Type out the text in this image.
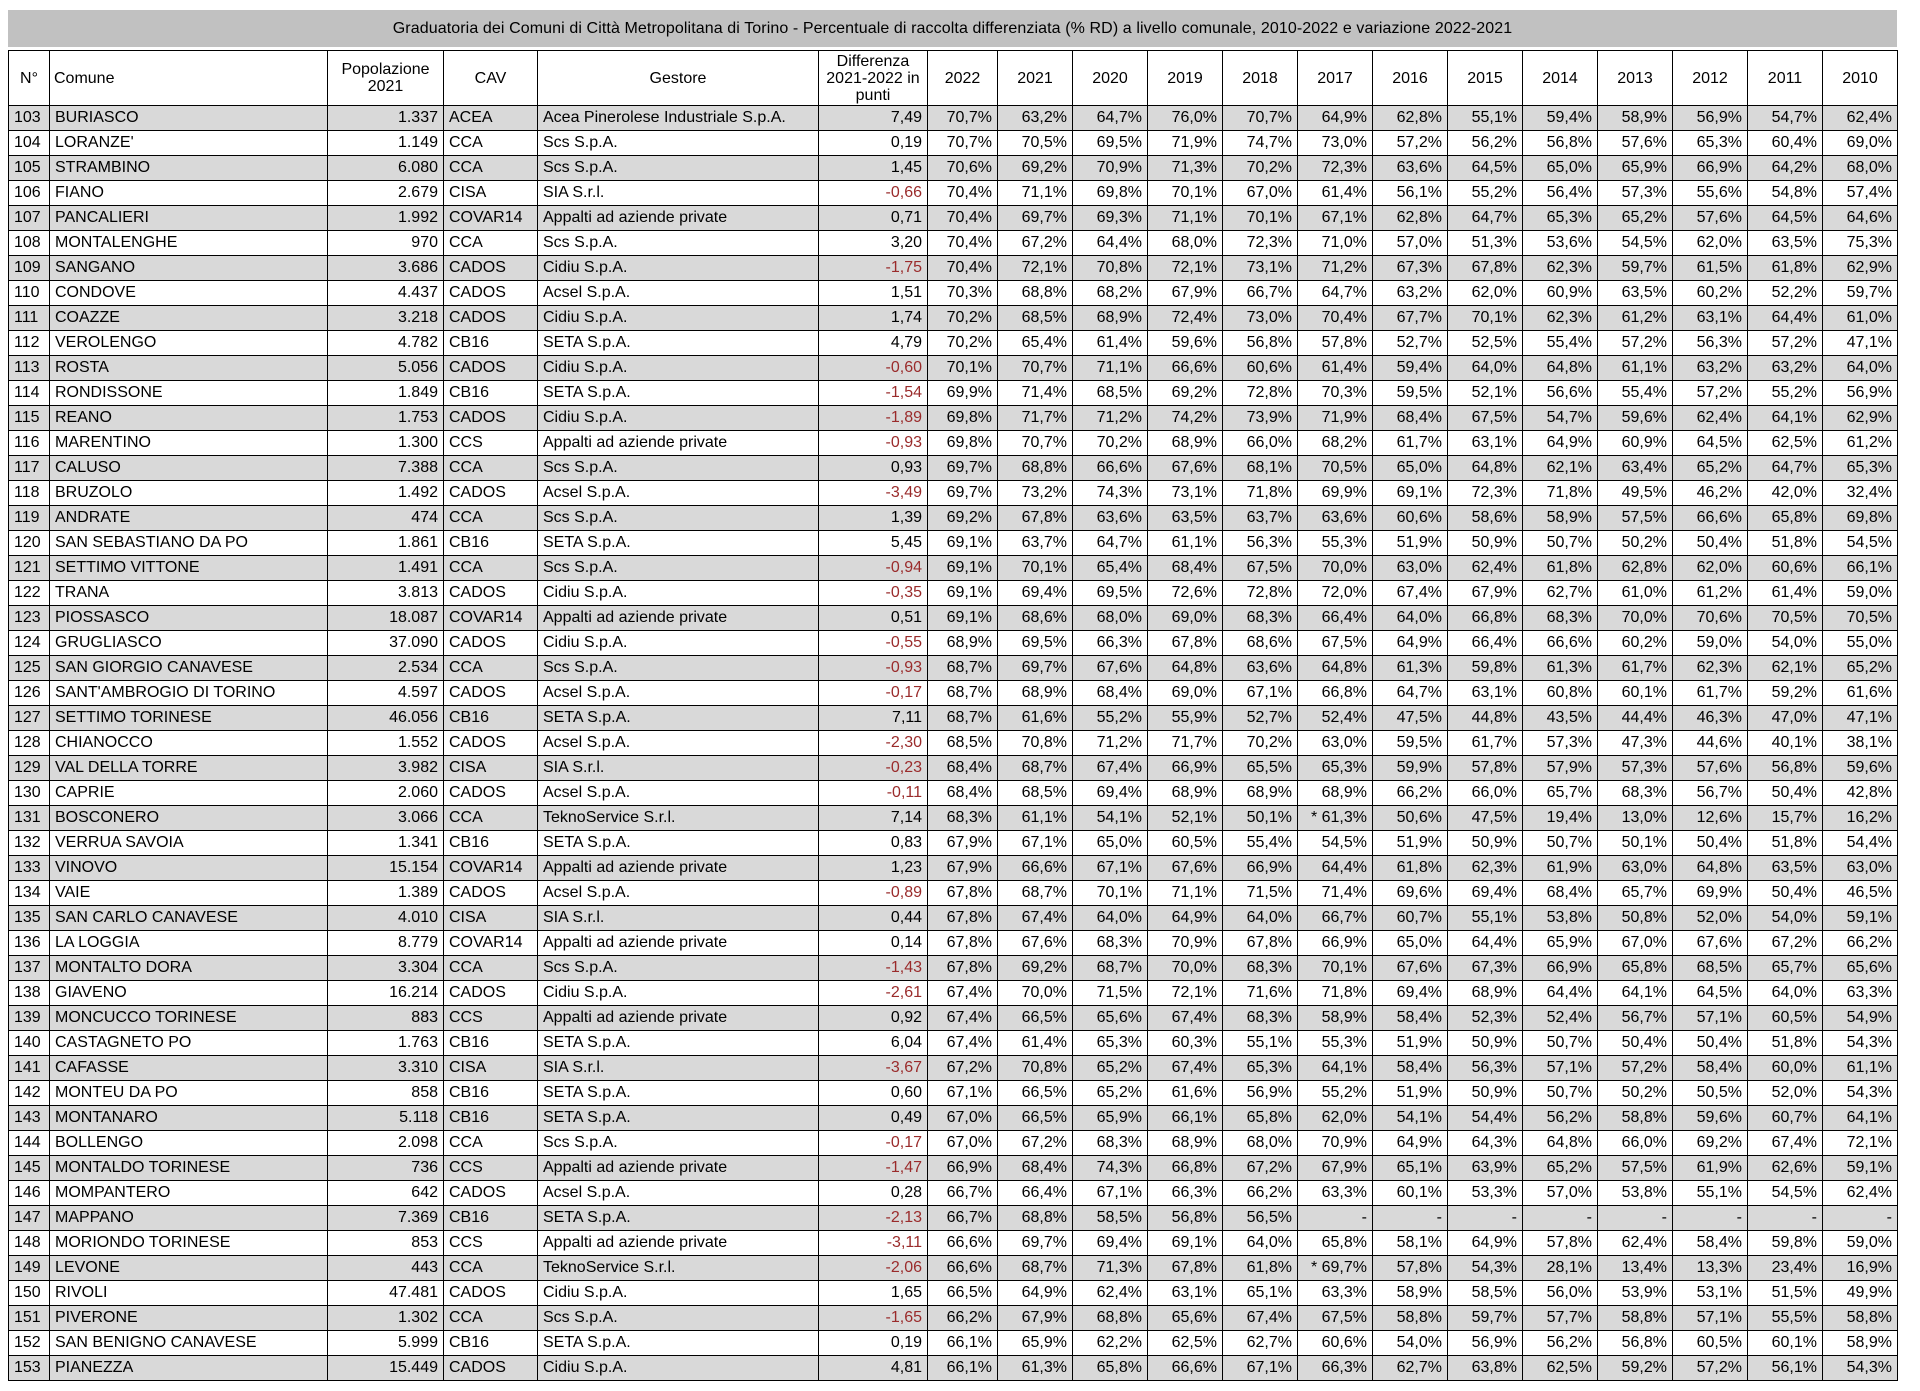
Graduatoria dei Comuni di Città Metropolitana di Torino - Percentuale di raccolta differenziata (% RD) a livello comunale, 2010-2022 e variazione 2022-2021
N°	Comune	Popolazione 2021	CAV	Gestore	Differenza 2021-2022 in punti	2022	2021	2020	2019	2018	2017	2016	2015	2014	2013	2012	2011	2010
103	BURIASCO	1.337	ACEA	Acea Pinerolese Industriale S.p.A.	7,49	70,7%	63,2%	64,7%	76,0%	70,7%	64,9%	62,8%	55,1%	59,4%	58,9%	56,9%	54,7%	62,4%
104	LORANZE'	1.149	CCA	Scs S.p.A.	0,19	70,7%	70,5%	69,5%	71,9%	74,7%	73,0%	57,2%	56,2%	56,8%	57,6%	65,3%	60,4%	69,0%
105	STRAMBINO	6.080	CCA	Scs S.p.A.	1,45	70,6%	69,2%	70,9%	71,3%	70,2%	72,3%	63,6%	64,5%	65,0%	65,9%	66,9%	64,2%	68,0%
106	FIANO	2.679	CISA	SIA S.r.l.	-0,66	70,4%	71,1%	69,8%	70,1%	67,0%	61,4%	56,1%	55,2%	56,4%	57,3%	55,6%	54,8%	57,4%
107	PANCALIERI	1.992	COVAR14	Appalti ad aziende private	0,71	70,4%	69,7%	69,3%	71,1%	70,1%	67,1%	62,8%	64,7%	65,3%	65,2%	57,6%	64,5%	64,6%
108	MONTALENGHE	970	CCA	Scs S.p.A.	3,20	70,4%	67,2%	64,4%	68,0%	72,3%	71,0%	57,0%	51,3%	53,6%	54,5%	62,0%	63,5%	75,3%
109	SANGANO	3.686	CADOS	Cidiu S.p.A.	-1,75	70,4%	72,1%	70,8%	72,1%	73,1%	71,2%	67,3%	67,8%	62,3%	59,7%	61,5%	61,8%	62,9%
110	CONDOVE	4.437	CADOS	Acsel S.p.A.	1,51	70,3%	68,8%	68,2%	67,9%	66,7%	64,7%	63,2%	62,0%	60,9%	63,5%	60,2%	52,2%	59,7%
111	COAZZE	3.218	CADOS	Cidiu S.p.A.	1,74	70,2%	68,5%	68,9%	72,4%	73,0%	70,4%	67,7%	70,1%	62,3%	61,2%	63,1%	64,4%	61,0%
112	VEROLENGO	4.782	CB16	SETA S.p.A.	4,79	70,2%	65,4%	61,4%	59,6%	56,8%	57,8%	52,7%	52,5%	55,4%	57,2%	56,3%	57,2%	47,1%
113	ROSTA	5.056	CADOS	Cidiu S.p.A.	-0,60	70,1%	70,7%	71,1%	66,6%	60,6%	61,4%	59,4%	64,0%	64,8%	61,1%	63,2%	63,2%	64,0%
114	RONDISSONE	1.849	CB16	SETA S.p.A.	-1,54	69,9%	71,4%	68,5%	69,2%	72,8%	70,3%	59,5%	52,1%	56,6%	55,4%	57,2%	55,2%	56,9%
115	REANO	1.753	CADOS	Cidiu S.p.A.	-1,89	69,8%	71,7%	71,2%	74,2%	73,9%	71,9%	68,4%	67,5%	54,7%	59,6%	62,4%	64,1%	62,9%
116	MARENTINO	1.300	CCS	Appalti ad aziende private	-0,93	69,8%	70,7%	70,2%	68,9%	66,0%	68,2%	61,7%	63,1%	64,9%	60,9%	64,5%	62,5%	61,2%
117	CALUSO	7.388	CCA	Scs S.p.A.	0,93	69,7%	68,8%	66,6%	67,6%	68,1%	70,5%	65,0%	64,8%	62,1%	63,4%	65,2%	64,7%	65,3%
118	BRUZOLO	1.492	CADOS	Acsel S.p.A.	-3,49	69,7%	73,2%	74,3%	73,1%	71,8%	69,9%	69,1%	72,3%	71,8%	49,5%	46,2%	42,0%	32,4%
119	ANDRATE	474	CCA	Scs S.p.A.	1,39	69,2%	67,8%	63,6%	63,5%	63,7%	63,6%	60,6%	58,6%	58,9%	57,5%	66,6%	65,8%	69,8%
120	SAN SEBASTIANO DA PO	1.861	CB16	SETA S.p.A.	5,45	69,1%	63,7%	64,7%	61,1%	56,3%	55,3%	51,9%	50,9%	50,7%	50,2%	50,4%	51,8%	54,5%
121	SETTIMO VITTONE	1.491	CCA	Scs S.p.A.	-0,94	69,1%	70,1%	65,4%	68,4%	67,5%	70,0%	63,0%	62,4%	61,8%	62,8%	62,0%	60,6%	66,1%
122	TRANA	3.813	CADOS	Cidiu S.p.A.	-0,35	69,1%	69,4%	69,5%	72,6%	72,8%	72,0%	67,4%	67,9%	62,7%	61,0%	61,2%	61,4%	59,0%
123	PIOSSASCO	18.087	COVAR14	Appalti ad aziende private	0,51	69,1%	68,6%	68,0%	69,0%	68,3%	66,4%	64,0%	66,8%	68,3%	70,0%	70,6%	70,5%	70,5%
124	GRUGLIASCO	37.090	CADOS	Cidiu S.p.A.	-0,55	68,9%	69,5%	66,3%	67,8%	68,6%	67,5%	64,9%	66,4%	66,6%	60,2%	59,0%	54,0%	55,0%
125	SAN GIORGIO CANAVESE	2.534	CCA	Scs S.p.A.	-0,93	68,7%	69,7%	67,6%	64,8%	63,6%	64,8%	61,3%	59,8%	61,3%	61,7%	62,3%	62,1%	65,2%
126	SANT'AMBROGIO DI TORINO	4.597	CADOS	Acsel S.p.A.	-0,17	68,7%	68,9%	68,4%	69,0%	67,1%	66,8%	64,7%	63,1%	60,8%	60,1%	61,7%	59,2%	61,6%
127	SETTIMO TORINESE	46.056	CB16	SETA S.p.A.	7,11	68,7%	61,6%	55,2%	55,9%	52,7%	52,4%	47,5%	44,8%	43,5%	44,4%	46,3%	47,0%	47,1%
128	CHIANOCCO	1.552	CADOS	Acsel S.p.A.	-2,30	68,5%	70,8%	71,2%	71,7%	70,2%	63,0%	59,5%	61,7%	57,3%	47,3%	44,6%	40,1%	38,1%
129	VAL DELLA TORRE	3.982	CISA	SIA S.r.l.	-0,23	68,4%	68,7%	67,4%	66,9%	65,5%	65,3%	59,9%	57,8%	57,9%	57,3%	57,6%	56,8%	59,6%
130	CAPRIE	2.060	CADOS	Acsel S.p.A.	-0,11	68,4%	68,5%	69,4%	68,9%	68,9%	68,9%	66,2%	66,0%	65,7%	68,3%	56,7%	50,4%	42,8%
131	BOSCONERO	3.066	CCA	TeknoService S.r.l.	7,14	68,3%	61,1%	54,1%	52,1%	50,1%	* 61,3%	50,6%	47,5%	19,4%	13,0%	12,6%	15,7%	16,2%
132	VERRUA SAVOIA	1.341	CB16	SETA S.p.A.	0,83	67,9%	67,1%	65,0%	60,5%	55,4%	54,5%	51,9%	50,9%	50,7%	50,1%	50,4%	51,8%	54,4%
133	VINOVO	15.154	COVAR14	Appalti ad aziende private	1,23	67,9%	66,6%	67,1%	67,6%	66,9%	64,4%	61,8%	62,3%	61,9%	63,0%	64,8%	63,5%	63,0%
134	VAIE	1.389	CADOS	Acsel S.p.A.	-0,89	67,8%	68,7%	70,1%	71,1%	71,5%	71,4%	69,6%	69,4%	68,4%	65,7%	69,9%	50,4%	46,5%
135	SAN CARLO CANAVESE	4.010	CISA	SIA S.r.l.	0,44	67,8%	67,4%	64,0%	64,9%	64,0%	66,7%	60,7%	55,1%	53,8%	50,8%	52,0%	54,0%	59,1%
136	LA LOGGIA	8.779	COVAR14	Appalti ad aziende private	0,14	67,8%	67,6%	68,3%	70,9%	67,8%	66,9%	65,0%	64,4%	65,9%	67,0%	67,6%	67,2%	66,2%
137	MONTALTO DORA	3.304	CCA	Scs S.p.A.	-1,43	67,8%	69,2%	68,7%	70,0%	68,3%	70,1%	67,6%	67,3%	66,9%	65,8%	68,5%	65,7%	65,6%
138	GIAVENO	16.214	CADOS	Cidiu S.p.A.	-2,61	67,4%	70,0%	71,5%	72,1%	71,6%	71,8%	69,4%	68,9%	64,4%	64,1%	64,5%	64,0%	63,3%
139	MONCUCCO TORINESE	883	CCS	Appalti ad aziende private	0,92	67,4%	66,5%	65,6%	67,4%	68,3%	58,9%	58,4%	52,3%	52,4%	56,7%	57,1%	60,5%	54,9%
140	CASTAGNETO PO	1.763	CB16	SETA S.p.A.	6,04	67,4%	61,4%	65,3%	60,3%	55,1%	55,3%	51,9%	50,9%	50,7%	50,4%	50,4%	51,8%	54,3%
141	CAFASSE	3.310	CISA	SIA S.r.l.	-3,67	67,2%	70,8%	65,2%	67,4%	65,3%	64,1%	58,4%	56,3%	57,1%	57,2%	58,4%	60,0%	61,1%
142	MONTEU DA PO	858	CB16	SETA S.p.A.	0,60	67,1%	66,5%	65,2%	61,6%	56,9%	55,2%	51,9%	50,9%	50,7%	50,2%	50,5%	52,0%	54,3%
143	MONTANARO	5.118	CB16	SETA S.p.A.	0,49	67,0%	66,5%	65,9%	66,1%	65,8%	62,0%	54,1%	54,4%	56,2%	58,8%	59,6%	60,7%	64,1%
144	BOLLENGO	2.098	CCA	Scs S.p.A.	-0,17	67,0%	67,2%	68,3%	68,9%	68,0%	70,9%	64,9%	64,3%	64,8%	66,0%	69,2%	67,4%	72,1%
145	MONTALDO TORINESE	736	CCS	Appalti ad aziende private	-1,47	66,9%	68,4%	74,3%	66,8%	67,2%	67,9%	65,1%	63,9%	65,2%	57,5%	61,9%	62,6%	59,1%
146	MOMPANTERO	642	CADOS	Acsel S.p.A.	0,28	66,7%	66,4%	67,1%	66,3%	66,2%	63,3%	60,1%	53,3%	57,0%	53,8%	55,1%	54,5%	62,4%
147	MAPPANO	7.369	CB16	SETA S.p.A.	-2,13	66,7%	68,8%	58,5%	56,8%	56,5%	-	-	-	-	-	-	-	-
148	MORIONDO TORINESE	853	CCS	Appalti ad aziende private	-3,11	66,6%	69,7%	69,4%	69,1%	64,0%	65,8%	58,1%	64,9%	57,8%	62,4%	58,4%	59,8%	59,0%
149	LEVONE	443	CCA	TeknoService S.r.l.	-2,06	66,6%	68,7%	71,3%	67,8%	61,8%	* 69,7%	57,8%	54,3%	28,1%	13,4%	13,3%	23,4%	16,9%
150	RIVOLI	47.481	CADOS	Cidiu S.p.A.	1,65	66,5%	64,9%	62,4%	63,1%	65,1%	63,3%	58,9%	58,5%	56,0%	53,9%	53,1%	51,5%	49,9%
151	PIVERONE	1.302	CCA	Scs S.p.A.	-1,65	66,2%	67,9%	68,8%	65,6%	67,4%	67,5%	58,8%	59,7%	57,7%	58,8%	57,1%	55,5%	58,8%
152	SAN BENIGNO CANAVESE	5.999	CB16	SETA S.p.A.	0,19	66,1%	65,9%	62,2%	62,5%	62,7%	60,6%	54,0%	56,9%	56,2%	56,8%	60,5%	60,1%	58,9%
153	PIANEZZA	15.449	CADOS	Cidiu S.p.A.	4,81	66,1%	61,3%	65,8%	66,6%	67,1%	66,3%	62,7%	63,8%	62,5%	59,2%	57,2%	56,1%	54,3%
